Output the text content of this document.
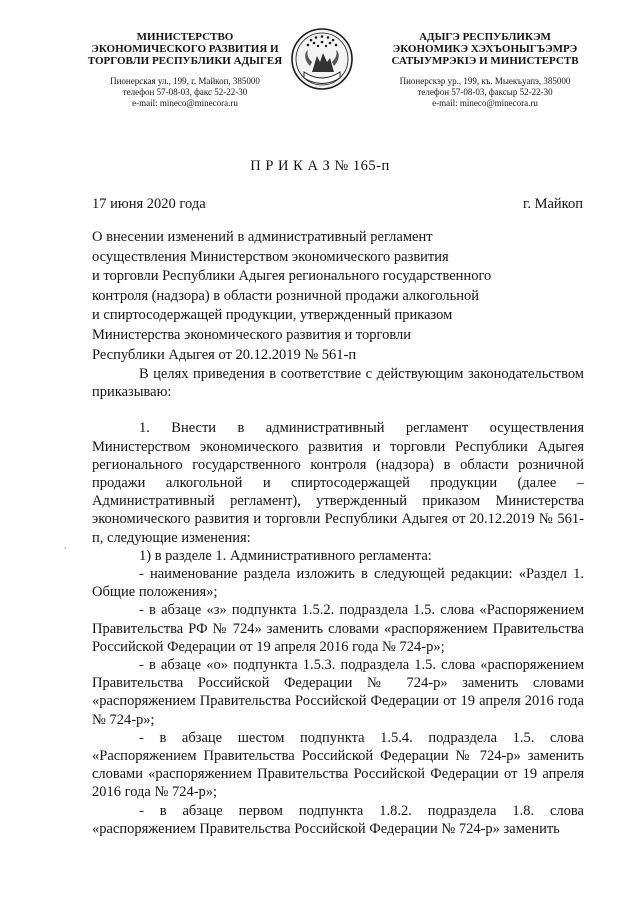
МИНИСТЕРСТВО
ЭКОНОМИЧЕСКОГО РАЗВИТИЯ И
ТОРГОВЛИ РЕСПУБЛИКИ АДЫГЕЯ
Пионерская ул., 199, г. Майкоп, 385000
телефон 57-08-03, факс 52-22-30
e-mail: mineco@minecora.ru
АДЫГЭ РЕСПУБЛИКЭМ
ЭКОНОМИКЭ ХЭХЪОНЫГЪЭМРЭ
САТЫУМРЭКІЭ И МИНИСТЕРСТВ
Пионерскэр ур., 199, къ. Мыекъуапэ, 385000
телефон 57-08-03, факсыр 52-22-30
e-mail: mineco@minecora.ru
П Р И К А З № 165-п
17 июня 2020 года	г. Майкоп
О внесении изменений в административный регламент
осуществления Министерством экономического развития
и торговли Республики Адыгея регионального государственного
контроля (надзора) в области розничной продажи алкогольной
и спиртосодержащей продукции, утвержденный приказом
Министерства экономического развития и торговли
Республики Адыгея от 20.12.2019 № 561-п

В целях приведения в соответствие с действующим законодательством приказываю:

1. Внести в административный регламент осуществления Министерством экономического развития и торговли Республики Адыгея регионального государственного контроля (надзора) в области розничной продажи алкогольной и спиртосодержащей продукции (далее – Административный регламент), утвержденный приказом Министерства экономического развития и торговли Республики Адыгея от 20.12.2019 № 561-п, следующие изменения:

1) в разделе 1. Административного регламента:

- наименование раздела изложить в следующей редакции: «Раздел 1. Общие положения»;

- в абзаце «з» подпункта 1.5.2. подраздела 1.5. слова «Распоряжением Правительства РФ № 724» заменить словами «распоряжением Правительства Российской Федерации от 19 апреля 2016 года № 724-р»;

- в абзаце «о» подпункта 1.5.3. подраздела 1.5. слова «распоряжением Правительства Российской Федерации № 724-р» заменить словами «распоряжением Правительства Российской Федерации от 19 апреля 2016 года № 724-р»;

- в абзаце шестом подпункта 1.5.4. подраздела 1.5. слова «Распоряжением Правительства Российской Федерации № 724-р» заменить словами «распоряжением Правительства Российской Федерации от 19 апреля 2016 года № 724-р»;

- в абзаце первом подпункта 1.8.2. подраздела 1.8. слова «распоряжением Правительства Российской Федерации № 724-р» заменить

,
